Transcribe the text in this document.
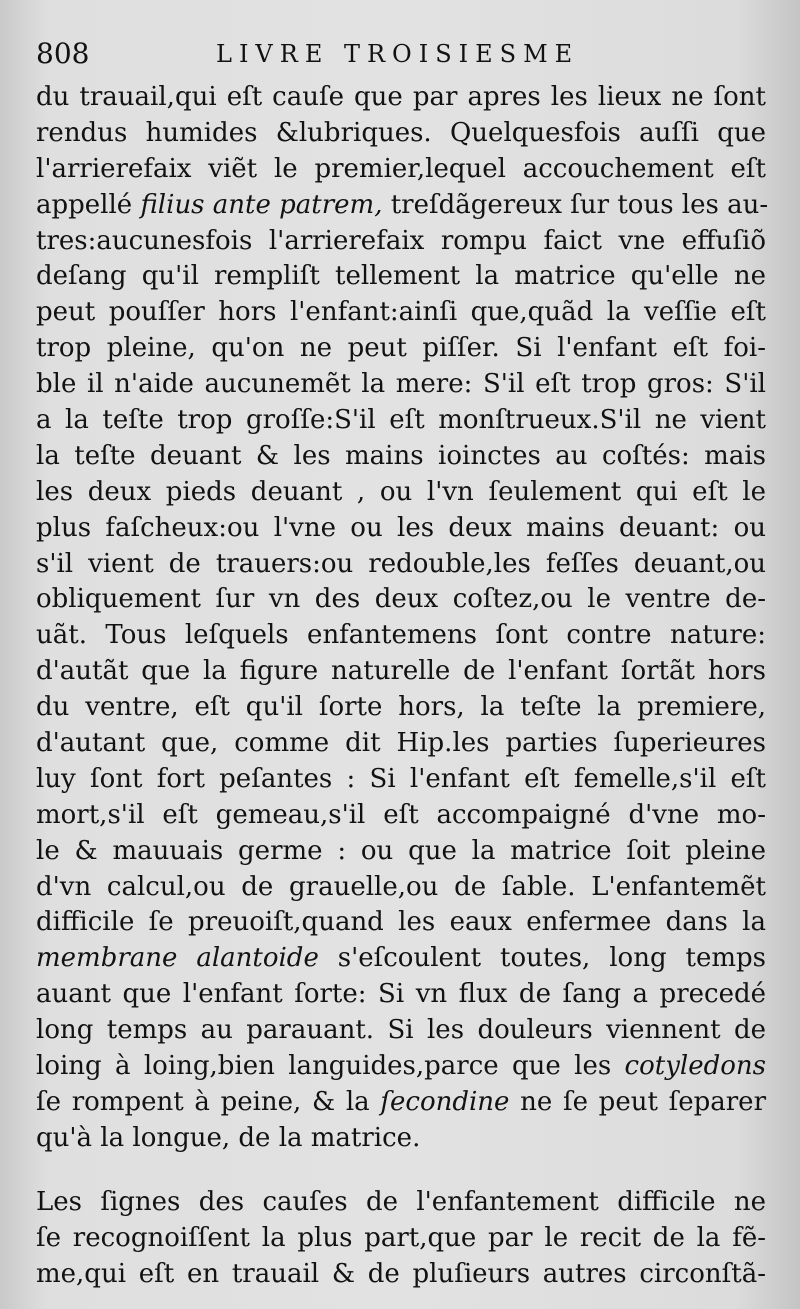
808	LIVRE TROISIESME
du trauail,qui eſt cauſe que par apres les lieux ne ſont
rendus humides &lubriques. Quelquesfois auſſi que
l'arrierefaix viẽt le premier,lequel accouchement eſt
appellé filius ante patrem, treſdãgereux ſur tous les au-
tres:aucunesfois l'arrierefaix rompu faict vne effuſiõ
deſang qu'il rempliſt tellement la matrice qu'elle ne
peut pouſſer hors l'enfant:ainſi que,quãd la veſſie eſt
trop pleine, qu'on ne peut piſſer. Si l'enfant eſt foi-
ble il n'aide aucunemẽt la mere: S'il eſt trop gros: S'il
a la teſte trop groſſe:S'il eſt monſtrueux.S'il ne vient
la teſte deuant & les mains ioinctes au coſtés: mais
les deux pieds deuant , ou l'vn ſeulement qui eſt le
plus faſcheux:ou l'vne ou les deux mains deuant: ou
s'il vient de trauers:ou redouble,les feſſes deuant,ou
obliquement ſur vn des deux coſtez,ou le ventre de-
uãt. Tous leſquels enfantemens ſont contre nature:
d'autãt que la figure naturelle de l'enfant ſortãt hors
du ventre, eſt qu'il ſorte hors, la teſte la premiere,
d'autant que, comme dit Hip.les parties ſuperieures
luy ſont fort peſantes : Si l'enfant eſt femelle,s'il eſt
mort,s'il eſt gemeau,s'il eſt accompaigné d'vne mo-
le & mauuais germe : ou que la matrice ſoit pleine
d'vn calcul,ou de grauelle,ou de ſable. L'enfantemẽt
difficile ſe preuoiſt,quand les eaux enfermee dans la
membrane alantoide s'eſcoulent toutes, long temps
auant que l'enfant ſorte: Si vn flux de ſang a precedé
long temps au parauant. Si les douleurs viennent de
loing à loing,bien languides,parce que les cotyledons
ſe rompent à peine, & la ſecondine ne ſe peut ſeparer
qu'à la longue, de la matrice.
Les ſignes des cauſes de l'enfantement difficile ne
ſe recognoiſſent la plus part,que par le recit de la fẽ-
me,qui eſt en trauail & de pluſieurs autres circonſtã-
